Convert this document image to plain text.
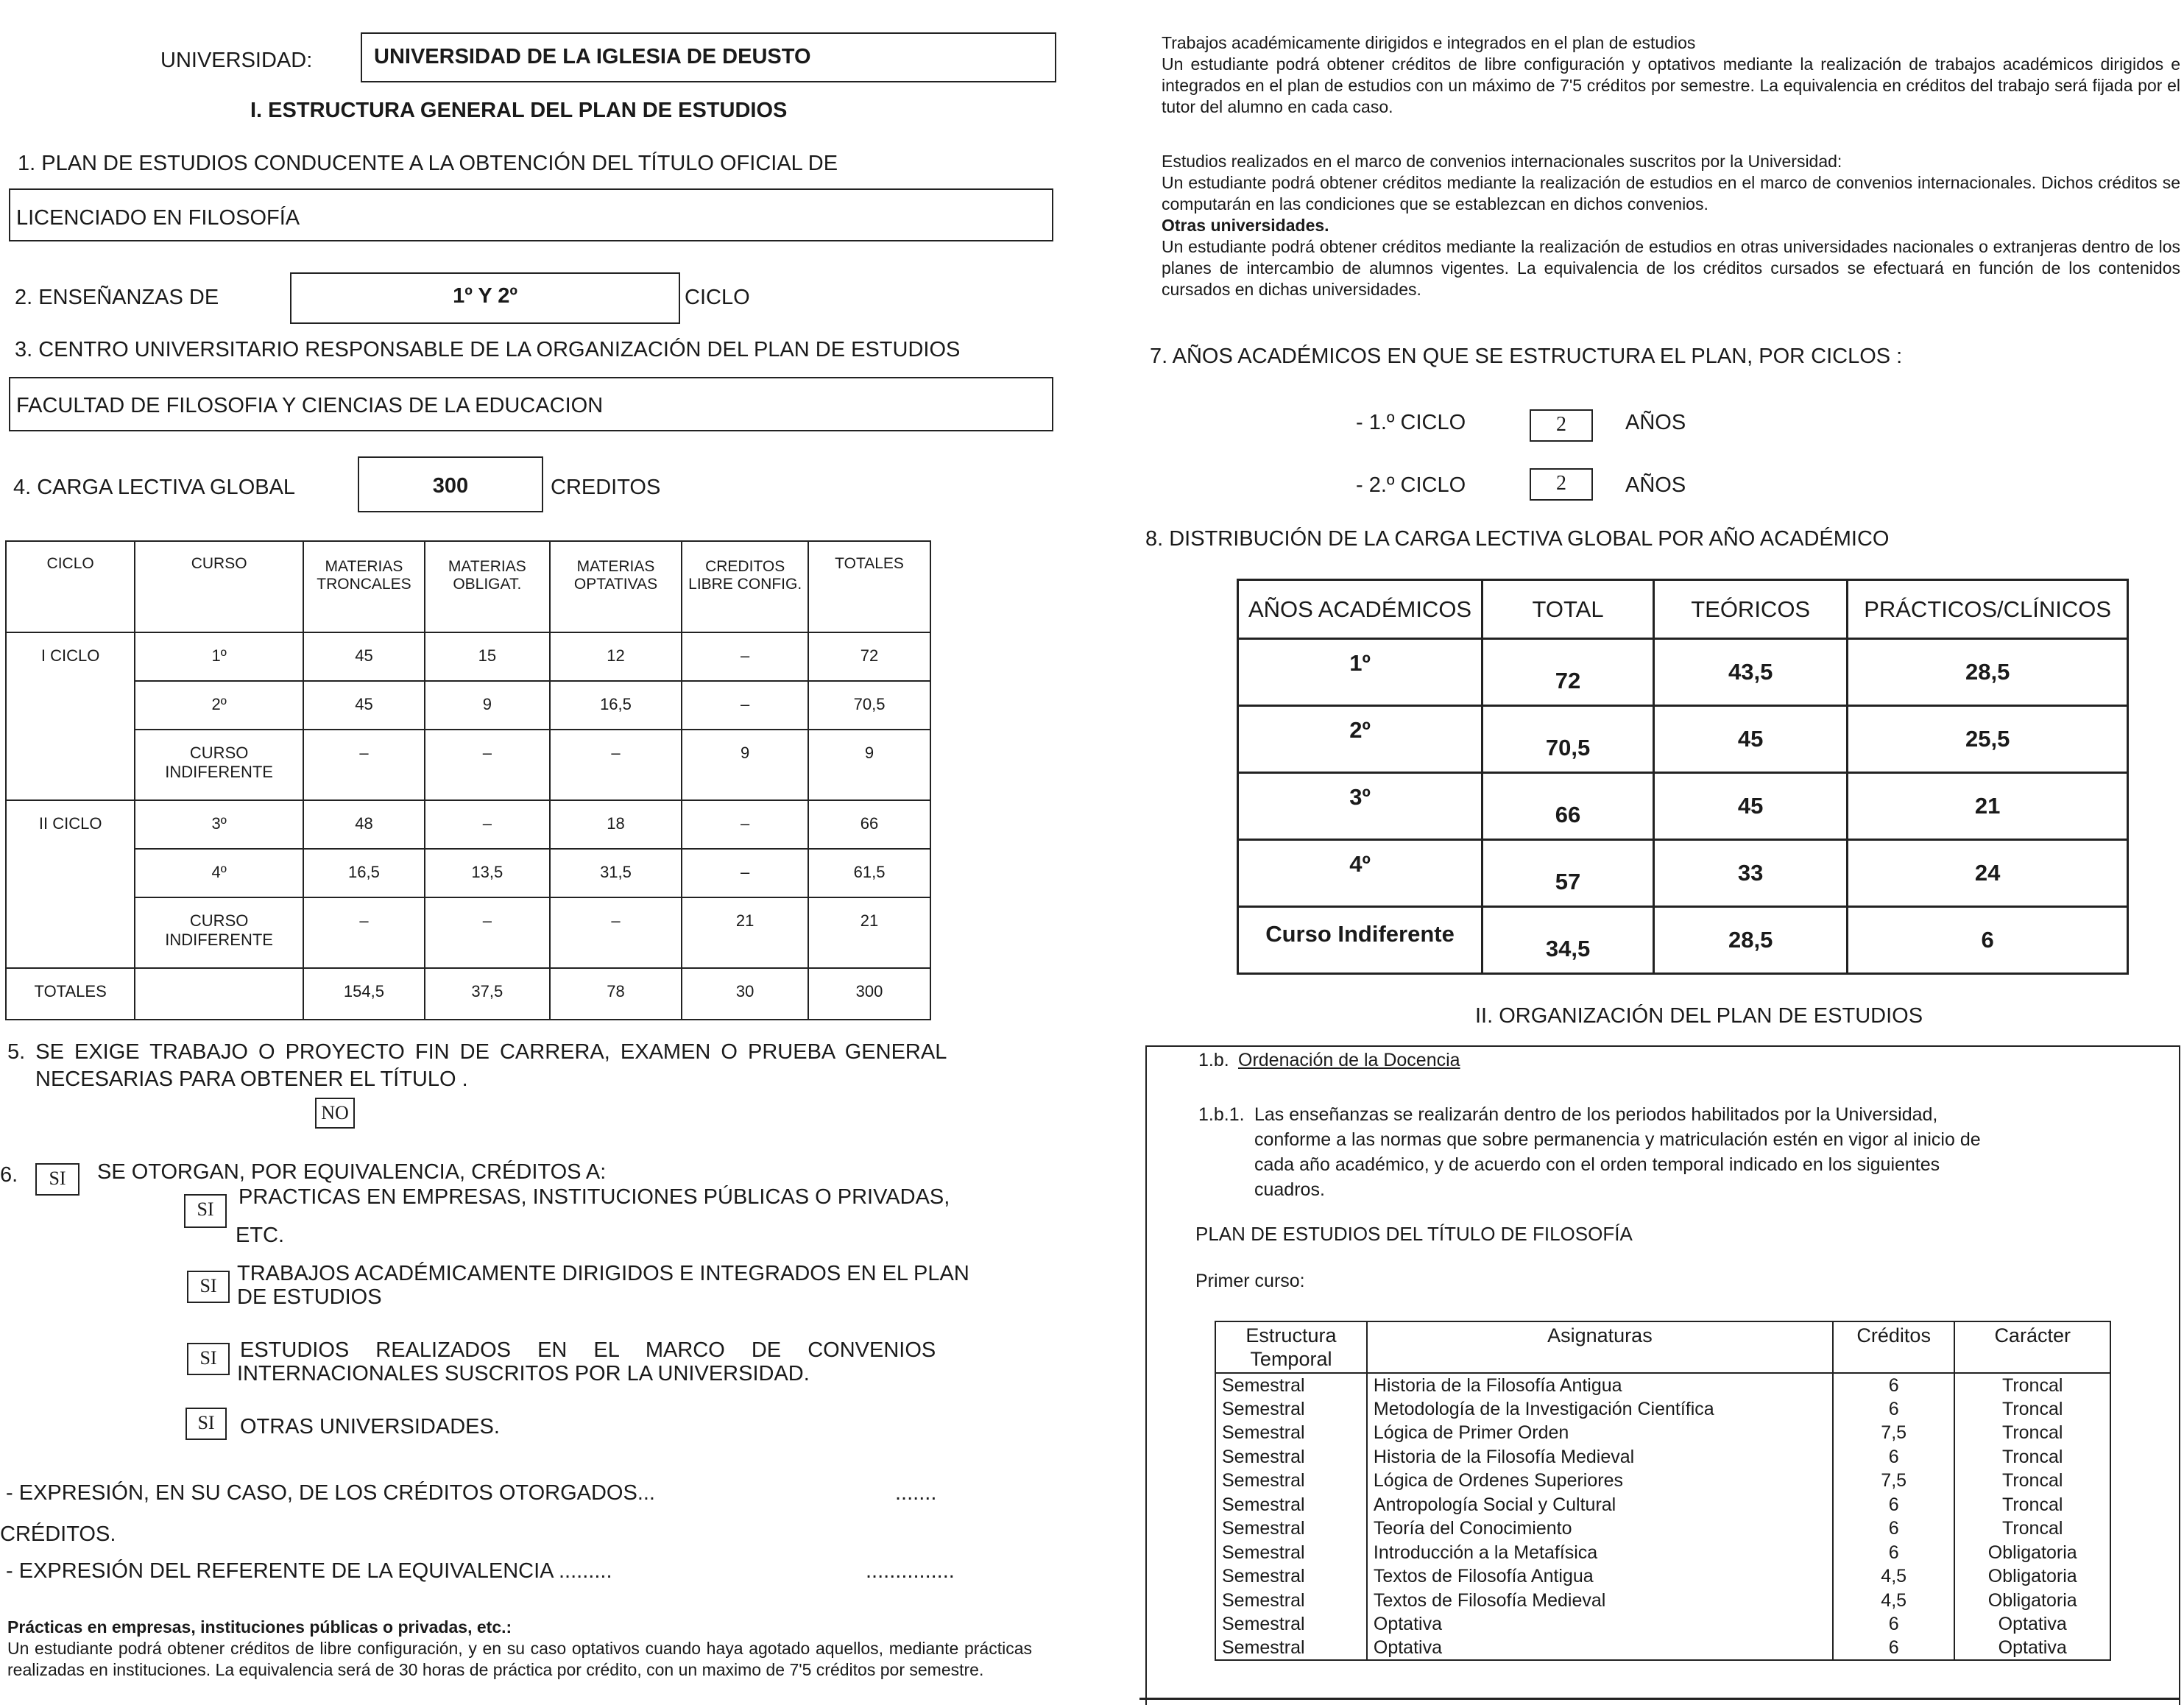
UNIVERSIDAD:	UNIVERSIDAD DE LA IGLESIA DE DEUSTO
I. ESTRUCTURA GENERAL DEL PLAN DE ESTUDIOS
1. PLAN DE ESTUDIOS CONDUCENTE A LA OBTENCIÓN DEL TÍTULO OFICIAL DE
LICENCIADO EN FILOSOFÍA
2. ENSEÑANZAS DE	1º Y 2º	CICLO
3. CENTRO UNIVERSITARIO RESPONSABLE DE LA ORGANIZACIÓN DEL PLAN DE ESTUDIOS
FACULTAD DE FILOSOFIA Y CIENCIAS DE LA EDUCACION
4. CARGA LECTIVA GLOBAL	300	CREDITOS
CICLO	CURSO	MATERIAS TRONCALES	MATERIAS OBLIGAT.	MATERIAS OPTATIVAS	CREDITOS LIBRE CONFIG.	TOTALES
I CICLO	1º	45	15	12	–	72
	2º	45	9	16,5	–	70,5
	CURSO INDIFERENTE	–	–	–	9	9
II CICLO	3º	48	–	18	–	66
	4º	16,5	13,5	31,5	–	61,5
	CURSO INDIFERENTE	–	–	–	21	21
TOTALES		154,5	37,5	78	30	300
5. SE EXIGE TRABAJO O PROYECTO FIN DE CARRERA, EXAMEN O PRUEBA GENERAL
NECESARIAS PARA OBTENER EL TÍTULO .
NO
6.	SI	SE OTORGAN, POR EQUIVALENCIA, CRÉDITOS A:
SI
PRACTICAS EN EMPRESAS, INSTITUCIONES PÚBLICAS O PRIVADAS,
ETC.
SI
TRABAJOS ACADÉMICAMENTE DIRIGIDOS E INTEGRADOS EN EL PLAN
DE ESTUDIOS
SI	ESTUDIOS REALIZADOS EN EL MARCO DE CONVENIOS
INTERNACIONALES SUSCRITOS POR LA UNIVERSIDAD.
SI	OTRAS UNIVERSIDADES.
- EXPRESIÓN, EN SU CASO, DE LOS CRÉDITOS OTORGADOS...	.......
CRÉDITOS.
- EXPRESIÓN DEL REFERENTE DE LA EQUIVALENCIA .........	...............
Prácticas en empresas, instituciones públicas o privadas, etc.:
Un estudiante podrá obtener créditos de libre configuración, y en su caso optativos cuando haya agotado aquellos, mediante prácticas realizadas en instituciones. La equivalencia será de 30 horas de práctica por crédito, con un maximo de 7'5 créditos por semestre.
Trabajos académicamente dirigidos e integrados en el plan de estudios
Un estudiante podrá obtener créditos de libre configuración y optativos mediante la realización de trabajos académicos dirigidos e integrados en el plan de estudios con un máximo de 7'5 créditos por semestre. La equivalencia en créditos del trabajo será fijada por el tutor del alumno en cada caso.
Estudios realizados en el marco de convenios internacionales suscritos por la Universidad:
Un estudiante podrá obtener créditos mediante la realización de estudios en el marco de convenios internacionales. Dichos créditos se computarán en las condiciones que se establezcan en dichos convenios.
Otras universidades.
Un estudiante podrá obtener créditos mediante la realización de estudios en otras universidades nacionales o extranjeras dentro de los planes de intercambio de alumnos vigentes. La equivalencia de los créditos cursados se efectuará en función de los contenidos cursados en dichas universidades.
7. AÑOS ACADÉMICOS EN QUE SE ESTRUCTURA EL PLAN, POR CICLOS :
- 1.º CICLO	2	AÑOS
- 2.º CICLO	2	AÑOS
8. DISTRIBUCIÓN DE LA CARGA LECTIVA GLOBAL POR AÑO ACADÉMICO
AÑOS ACADÉMICOS	TOTAL	TEÓRICOS	PRÁCTICOS/CLÍNICOS
1º	72	43,5	28,5
2º	70,5	45	25,5
3º	66	45	21
4º	57	33	24
Curso Indiferente	34,5	28,5	6
II. ORGANIZACIÓN DEL PLAN DE ESTUDIOS
1.b. Ordenación de la Docencia
1.b.1. Las enseñanzas se realizarán dentro de los periodos habilitados por la Universidad,
conforme a las normas que sobre permanencia y matriculación estén en vigor al inicio de
cada año académico, y de acuerdo con el orden temporal indicado en los siguientes
cuadros.
PLAN DE ESTUDIOS DEL TÍTULO DE FILOSOFÍA
Primer curso:
Estructura Temporal	Asignaturas	Créditos	Carácter
Semestral	Historia de la Filosofía Antigua	6	Troncal
Semestral	Metodología de la Investigación Científica	6	Troncal
Semestral	Lógica de Primer Orden	7,5	Troncal
Semestral	Historia de la Filosofía Medieval	6	Troncal
Semestral	Lógica de Ordenes Superiores	7,5	Troncal
Semestral	Antropología Social y Cultural	6	Troncal
Semestral	Teoría del Conocimiento	6	Troncal
Semestral	Introducción a la Metafísica	6	Obligatoria
Semestral	Textos de Filosofía Antigua	4,5	Obligatoria
Semestral	Textos de Filosofía Medieval	4,5	Obligatoria
Semestral	Optativa	6	Optativa
Semestral	Optativa	6	Optativa
